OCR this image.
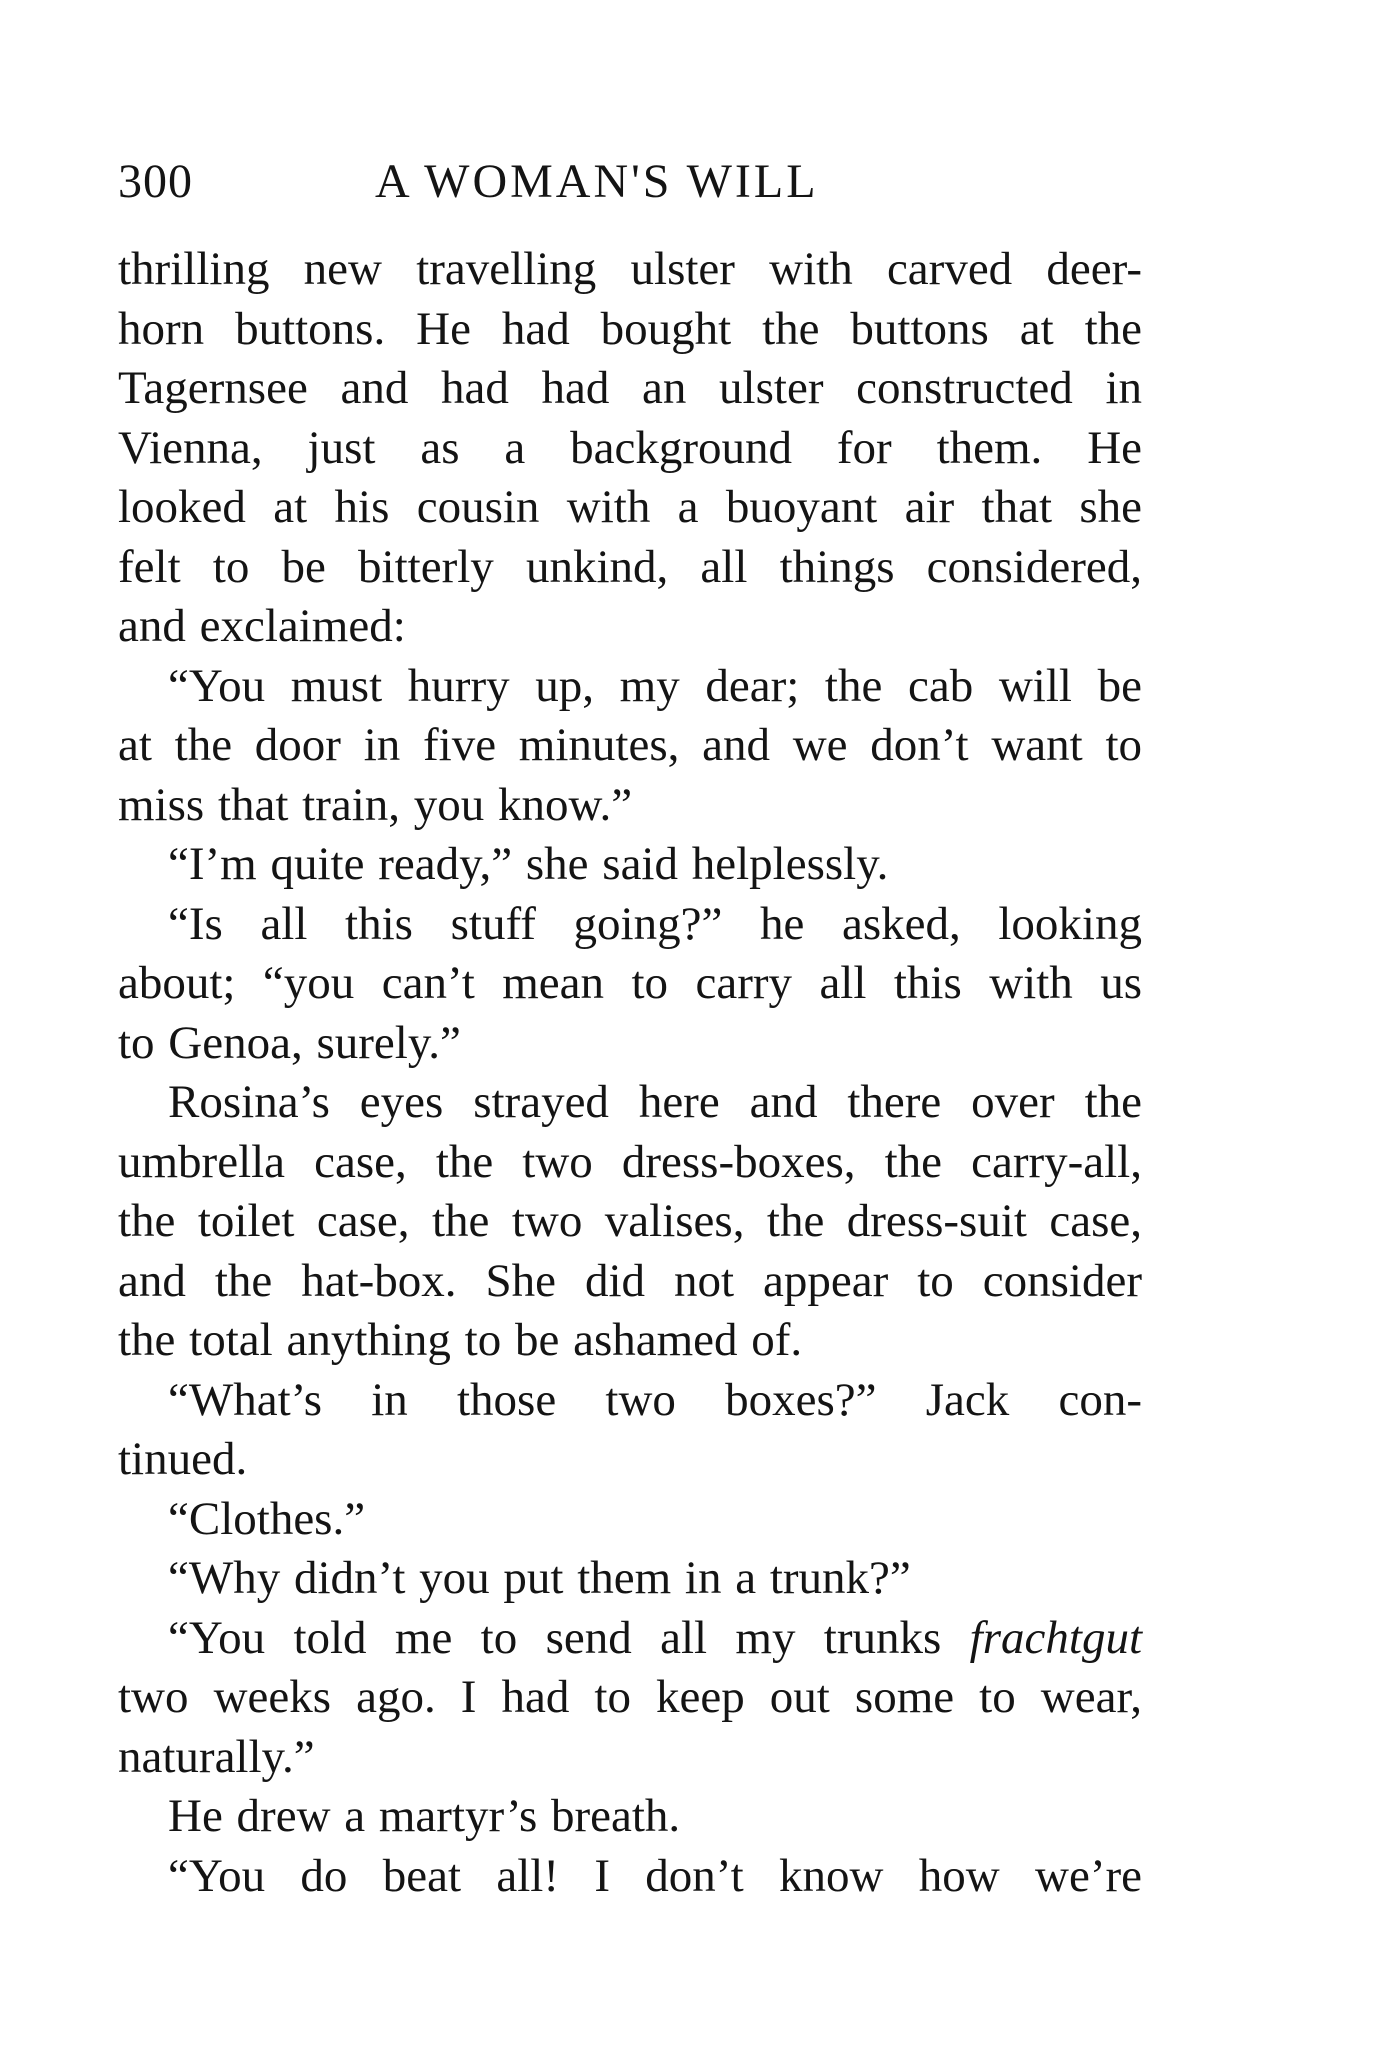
300	A WOMAN'S WILL
thrilling new travelling ulster with carved deer-
horn buttons. He had bought the buttons at the
Tagernsee and had had an ulster constructed in
Vienna, just as a background for them. He
looked at his cousin with a buoyant air that she
felt to be bitterly unkind, all things considered,
and exclaimed:
“You must hurry up, my dear; the cab will be
at the door in five minutes, and we don’t want to
miss that train, you know.”
“I’m quite ready,” she said helplessly.
“Is all this stuff going?” he asked, looking
about; “you can’t mean to carry all this with us
to Genoa, surely.”
Rosina’s eyes strayed here and there over the
umbrella case, the two dress-boxes, the carry-all,
the toilet case, the two valises, the dress-suit case,
and the hat-box. She did not appear to consider
the total anything to be ashamed of.
“What’s in those two boxes?” Jack con-
tinued.
“Clothes.”
“Why didn’t you put them in a trunk?”
“You told me to send all my trunks frachtgut
two weeks ago. I had to keep out some to wear,
naturally.”
He drew a martyr’s breath.
“You do beat all! I don’t know how we’re
